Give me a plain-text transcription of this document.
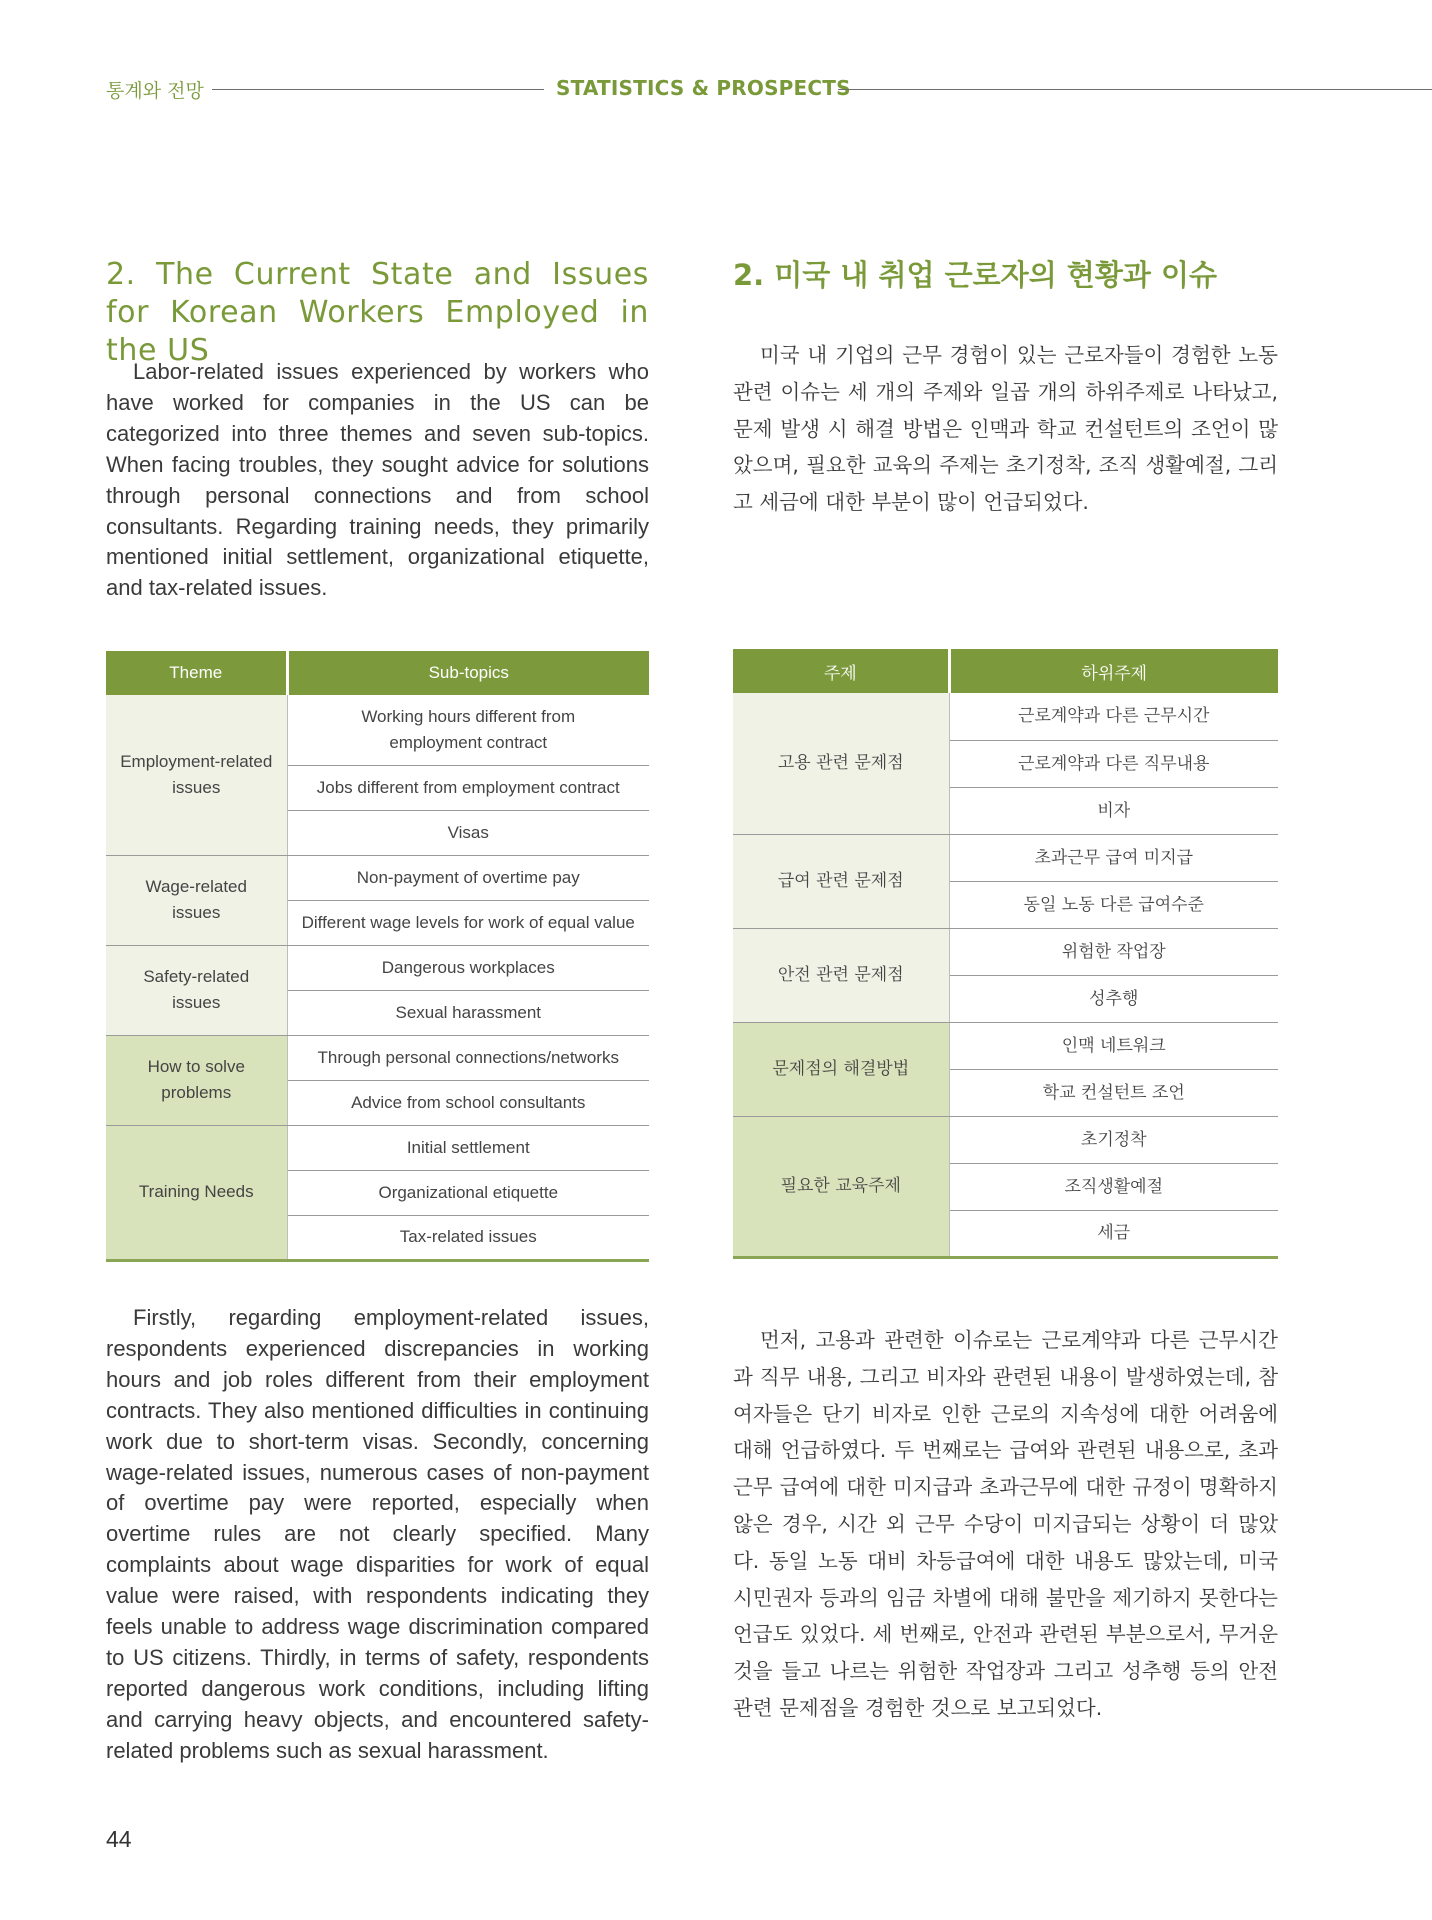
통계와 전망	STATISTICS & PROSPECTS
2. The Current State and Issues for Korean Workers Employed in the US

Labor-related issues experienced by workers who have worked for companies in the US can be categorized into three themes and seven sub-topics. When facing troubles, they sought advice for solutions through personal connections and from school consultants. Regarding training needs, they primarily mentioned initial settlement, organizational etiquette, and tax-related issues.

Theme	Sub-topics
Employment-related issues	Working hours different from employment contract
	Jobs different from employment contract
	Visas
Wage-related issues	Non-payment of overtime pay
	Different wage levels for work of equal value
Safety-related issues	Dangerous workplaces
	Sexual harassment
How to solve problems	Through personal connections/networks
	Advice from school consultants
Training Needs	Initial settlement
	Organizational etiquette
	Tax-related issues

Firstly, regarding employment-related issues, respondents experienced discrepancies in working hours and job roles different from their employment contracts. They also mentioned difficulties in continuing work due to short-term visas. Secondly, concerning wage-related issues, numerous cases of non-payment of overtime pay were reported, especially when overtime rules are not clearly specified. Many complaints about wage disparities for work of equal value were raised, with respondents indicating they feels unable to address wage discrimination compared to US citizens. Thirdly, in terms of safety, respondents reported dangerous work conditions, including lifting and carrying heavy objects, and encountered safety-related problems such as sexual harassment.

2. 미국 내 취업 근로자의 현황과 이슈

미국 내 기업의 근무 경험이 있는 근로자들이 경험한 노동 관련 이슈는 세 개의 주제와 일곱 개의 하위주제로 나타났고, 문제 발생 시 해결 방법은 인맥과 학교 컨설턴트의 조언이 많았으며, 필요한 교육의 주제는 초기정착, 조직 생활예절, 그리고 세금에 대한 부분이 많이 언급되었다.

주제	하위주제
고용 관련 문제점	근로계약과 다른 근무시간
	근로계약과 다른 직무내용
	비자
급여 관련 문제점	초과근무 급여 미지급
	동일 노동 다른 급여수준
안전 관련 문제점	위험한 작업장
	성추행
문제점의 해결방법	인맥 네트워크
	학교 컨설턴트 조언
필요한 교육주제	초기정착
	조직생활예절
	세금

먼저, 고용과 관련한 이슈로는 근로계약과 다른 근무시간과 직무 내용, 그리고 비자와 관련된 내용이 발생하였는데, 참여자들은 단기 비자로 인한 근로의 지속성에 대한 어려움에 대해 언급하였다. 두 번째로는 급여와 관련된 내용으로, 초과근무 급여에 대한 미지급과 초과근무에 대한 규정이 명확하지 않은 경우, 시간 외 근무 수당이 미지급되는 상황이 더 많았다. 동일 노동 대비 차등급여에 대한 내용도 많았는데, 미국 시민권자 등과의 임금 차별에 대해 불만을 제기하지 못한다는 언급도 있었다. 세 번째로, 안전과 관련된 부분으로서, 무거운 것을 들고 나르는 위험한 작업장과 그리고 성추행 등의 안전 관련 문제점을 경험한 것으로 보고되었다.

44
